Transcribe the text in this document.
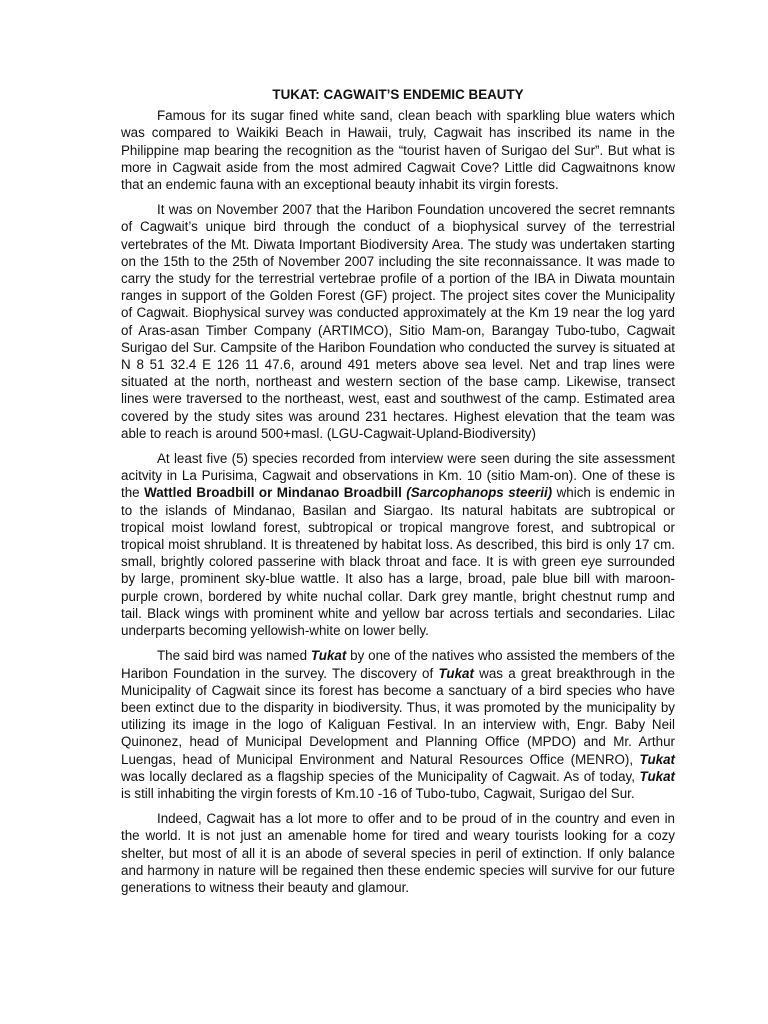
TUKAT: CAGWAIT’S ENDEMIC BEAUTY

Famous for its sugar fined white sand, clean beach with sparkling blue waters which was compared to Waikiki Beach in Hawaii, truly, Cagwait has inscribed its name in the Philippine map bearing the recognition as the “tourist haven of Surigao del Sur”. But what is more in Cagwait aside from the most admired Cagwait Cove? Little did Cagwaitnons know that an endemic fauna with an exceptional beauty inhabit its virgin forests.

It was on November 2007 that the Haribon Foundation uncovered the secret remnants of Cagwait’s unique bird through the conduct of a biophysical survey of the terrestrial vertebrates of the Mt. Diwata Important Biodiversity Area. The study was undertaken starting on the 15th to the 25th of November 2007 including the site reconnaissance. It was made to carry the study for the terrestrial vertebrae profile of a portion of the IBA in Diwata mountain ranges in support of the Golden Forest (GF) project. The project sites cover the Municipality of Cagwait. Biophysical survey was conducted approximately at the Km 19 near the log yard of Aras-asan Timber Company (ARTIMCO), Sitio Mam-on, Barangay Tubo-tubo, Cagwait Surigao del Sur. Campsite of the Haribon Foundation who conducted the survey is situated at N 8 51 32.4 E 126 11 47.6, around 491 meters above sea level. Net and trap lines were situated at the north, northeast and western section of the base camp. Likewise, transect lines were traversed to the northeast, west, east and southwest of the camp. Estimated area covered by the study sites was around 231 hectares. Highest elevation that the team was able to reach is around 500+masl. (LGU-Cagwait-Upland-Biodiversity)

At least five (5) species recorded from interview were seen during the site assessment acitvity in La Purisima, Cagwait and observations in Km. 10 (sitio Mam-on). One of these is the Wattled Broadbill or Mindanao Broadbill (Sarcophanops steerii) which is endemic in to the islands of Mindanao, Basilan and Siargao. Its natural habitats are subtropical or tropical moist lowland forest, subtropical or tropical mangrove forest, and subtropical or tropical moist shrubland. It is threatened by habitat loss. As described, this bird is only 17 cm. small, brightly colored passerine with black throat and face. It is with green eye surrounded by large, prominent sky-blue wattle. It also has a large, broad, pale blue bill with maroon-purple crown, bordered by white nuchal collar. Dark grey mantle, bright chestnut rump and tail. Black wings with prominent white and yellow bar across tertials and secondaries. Lilac underparts becoming yellowish-white on lower belly.

The said bird was named Tukat by one of the natives who assisted the members of the Haribon Foundation in the survey. The discovery of Tukat was a great breakthrough in the Municipality of Cagwait since its forest has become a sanctuary of a bird species who have been extinct due to the disparity in biodiversity. Thus, it was promoted by the municipality by utilizing its image in the logo of Kaliguan Festival. In an interview with, Engr. Baby Neil Quinonez, head of Municipal Development and Planning Office (MPDO) and Mr. Arthur Luengas, head of Municipal Environment and Natural Resources Office (MENRO), Tukat was locally declared as a flagship species of the Municipality of Cagwait. As of today, Tukat is still inhabiting the virgin forests of Km.10 -16 of Tubo-tubo, Cagwait, Surigao del Sur.

Indeed, Cagwait has a lot more to offer and to be proud of in the country and even in the world. It is not just an amenable home for tired and weary tourists looking for a cozy shelter, but most of all it is an abode of several species in peril of extinction. If only balance and harmony in nature will be regained then these endemic species will survive for our future generations to witness their beauty and glamour.
